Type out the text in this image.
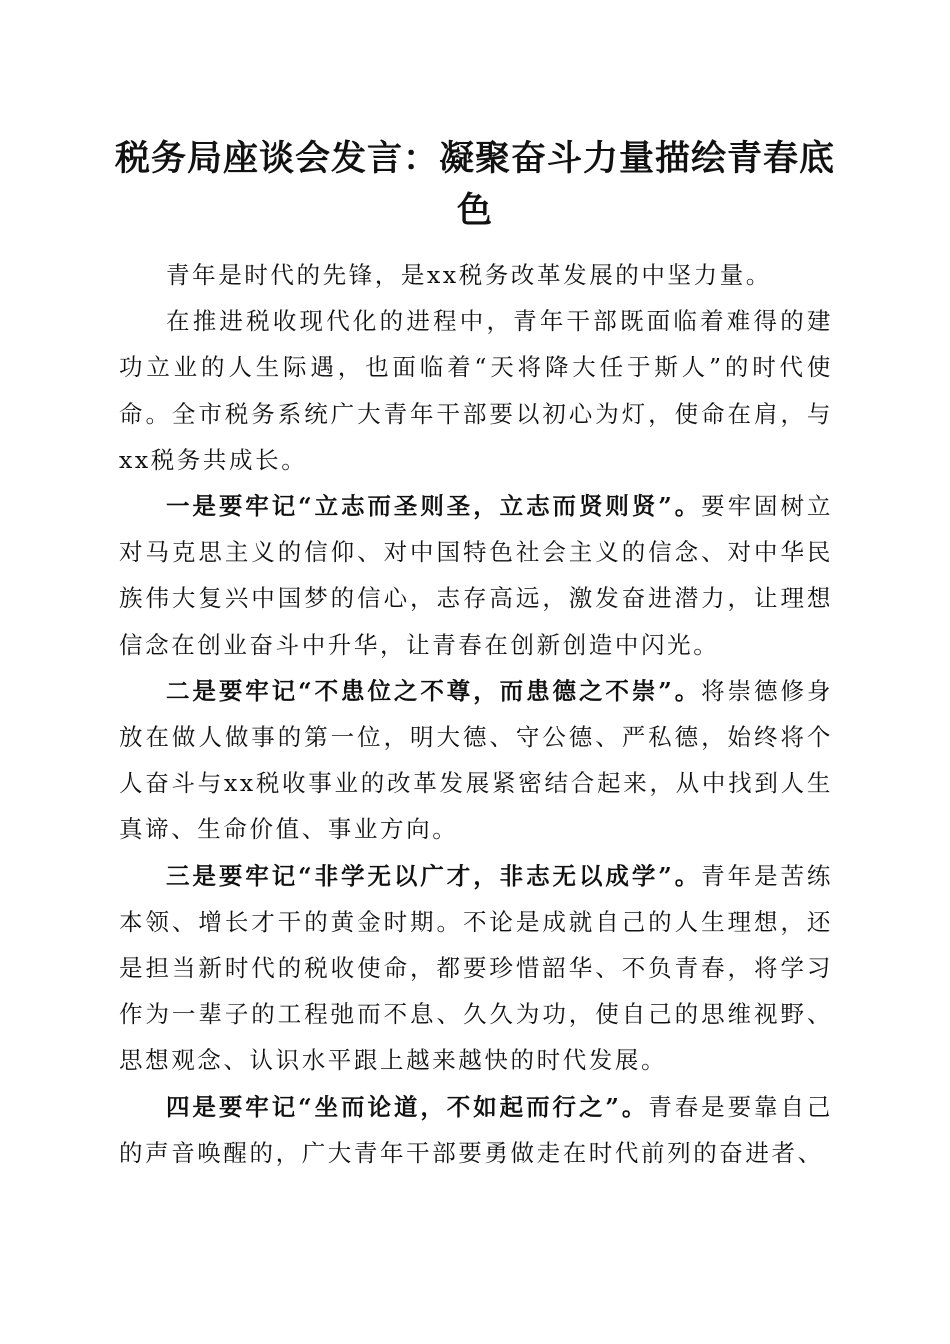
税务局座谈会发言：凝聚奋斗力量描绘青春底色

青年是时代的先锋，是xx税务改革发展的中坚力量。

在推进税收现代化的进程中，青年干部既面临着难得的建功立业的人生际遇，也面临着“天将降大任于斯人”的时代使命。全市税务系统广大青年干部要以初心为灯，使命在肩，与xx税务共成长。

一是要牢记“立志而圣则圣，立志而贤则贤”。要牢固树立对马克思主义的信仰、对中国特色社会主义的信念、对中华民族伟大复兴中国梦的信心，志存高远，激发奋进潜力，让理想信念在创业奋斗中升华，让青春在创新创造中闪光。

二是要牢记“不患位之不尊，而患德之不崇”。将崇德修身放在做人做事的第一位，明大德、守公德、严私德，始终将个人奋斗与xx税收事业的改革发展紧密结合起来，从中找到人生真谛、生命价值、事业方向。

三是要牢记“非学无以广才，非志无以成学”。青年是苦练本领、增长才干的黄金时期。不论是成就自己的人生理想，还是担当新时代的税收使命，都要珍惜韶华、不负青春，将学习作为一辈子的工程弛而不息、久久为功，使自己的思维视野、思想观念、认识水平跟上越来越快的时代发展。

四是要牢记“坐而论道，不如起而行之”。青春是要靠自己的声音唤醒的，广大青年干部要勇做走在时代前列的奋进者、
